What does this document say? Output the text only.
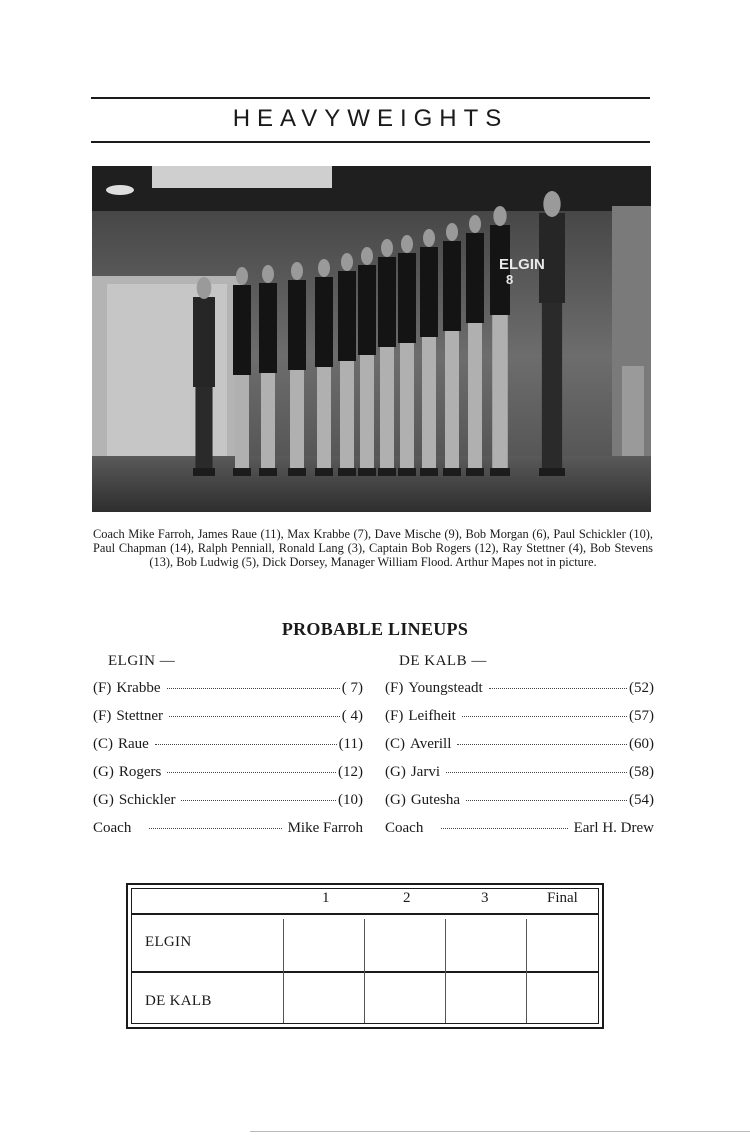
HEAVYWEIGHTS
ELGIN
8
Coach Mike Farroh, James Raue (11), Max Krabbe (7), Dave Mische (9), Bob Morgan (6), Paul Schickler (10), Paul Chapman (14), Ralph Penniall, Ronald Lang (3), Captain Bob Rogers (12), Ray Stettner (4), Bob Stevens (13), Bob Ludwig (5), Dick Dorsey, Manager William Flood. Arthur Mapes not in picture.
PROBABLE LINEUPS
ELGIN —	DE KALB —
(F) Krabbe	( 7)
(F) Stettner	( 4)
(C) Raue	(11)
(G) Rogers	(12)
(G) Schickler	(10)
Coach	Mike Farroh
(F) Youngsteadt	(52)
(F) Leifheit	(57)
(C) Averill	(60)
(G) Jarvi	(58)
(G) Gutesha	(54)
Coach	Earl H. Drew
1	2	3	Final
ELGIN
DE KALB
